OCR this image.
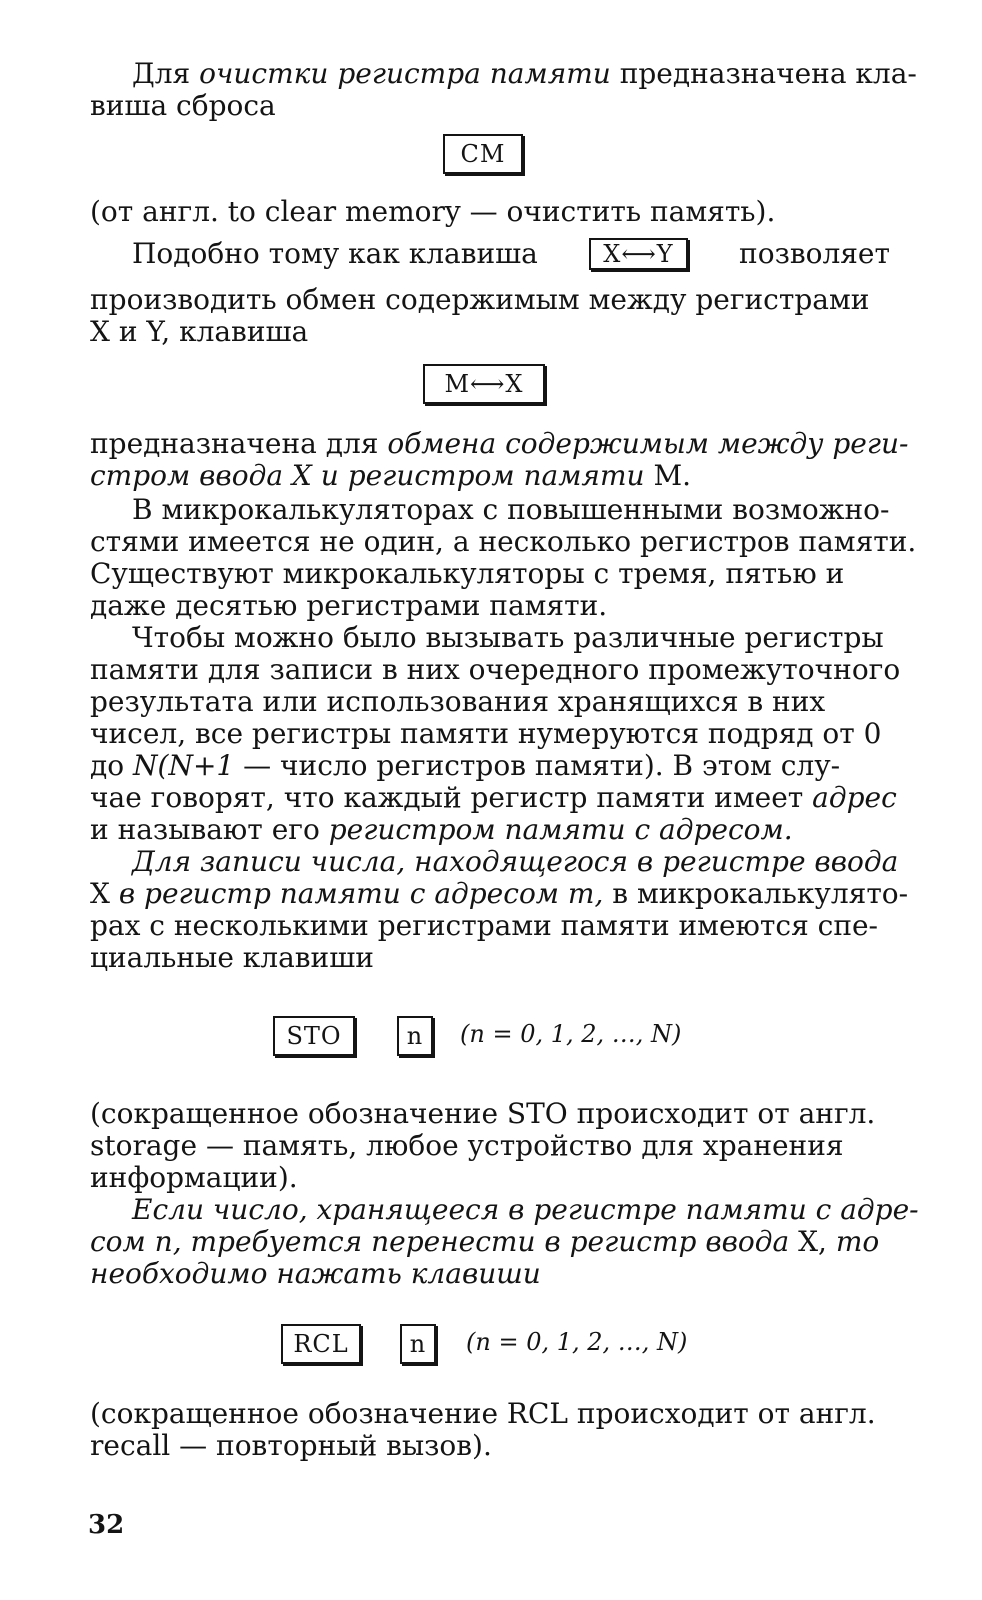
Для очистки регистра памяти предназначена кла-
виша сброса
CM
(от англ. to clear memory — очистить память).
Подобно тому как клавиша	X⟷Y	позволяет
производить обмен содержимым между регистрами
X и Y, клавиша
M⟷X
предназначена для обмена содержимым между реги-
стром ввода X и регистром памяти M.
В микрокалькуляторах с повышенными возможно-
стями имеется не один, а несколько регистров памяти.
Существуют микрокалькуляторы с тремя, пятью и
даже десятью регистрами памяти.
Чтобы можно было вызывать различные регистры
памяти для записи в них очередного промежуточного
результата или использования хранящихся в них
чисел, все регистры памяти нумеруются подряд от 0
до N(N+1 — число регистров памяти). В этом слу-
чае говорят, что каждый регистр памяти имеет адрес
и называют его регистром памяти с адресом.
Для записи числа, находящегося в регистре ввода
X в регистр памяти с адресом m, в микрокалькулято-
рах с несколькими регистрами памяти имеются спе-
циальные клавиши
STO	n	(n = 0, 1, 2, …, N)
(сокращенное обозначение STO происходит от англ.
storage — память, любое устройство для хранения
информации).
Если число, хранящееся в регистре памяти с адре-
сом n, требуется перенести в регистр ввода X, то
необходимо нажать клавиши
RCL	n	(n = 0, 1, 2, …, N)
(сокращенное обозначение RCL происходит от англ.
recall — повторный вызов).
32
